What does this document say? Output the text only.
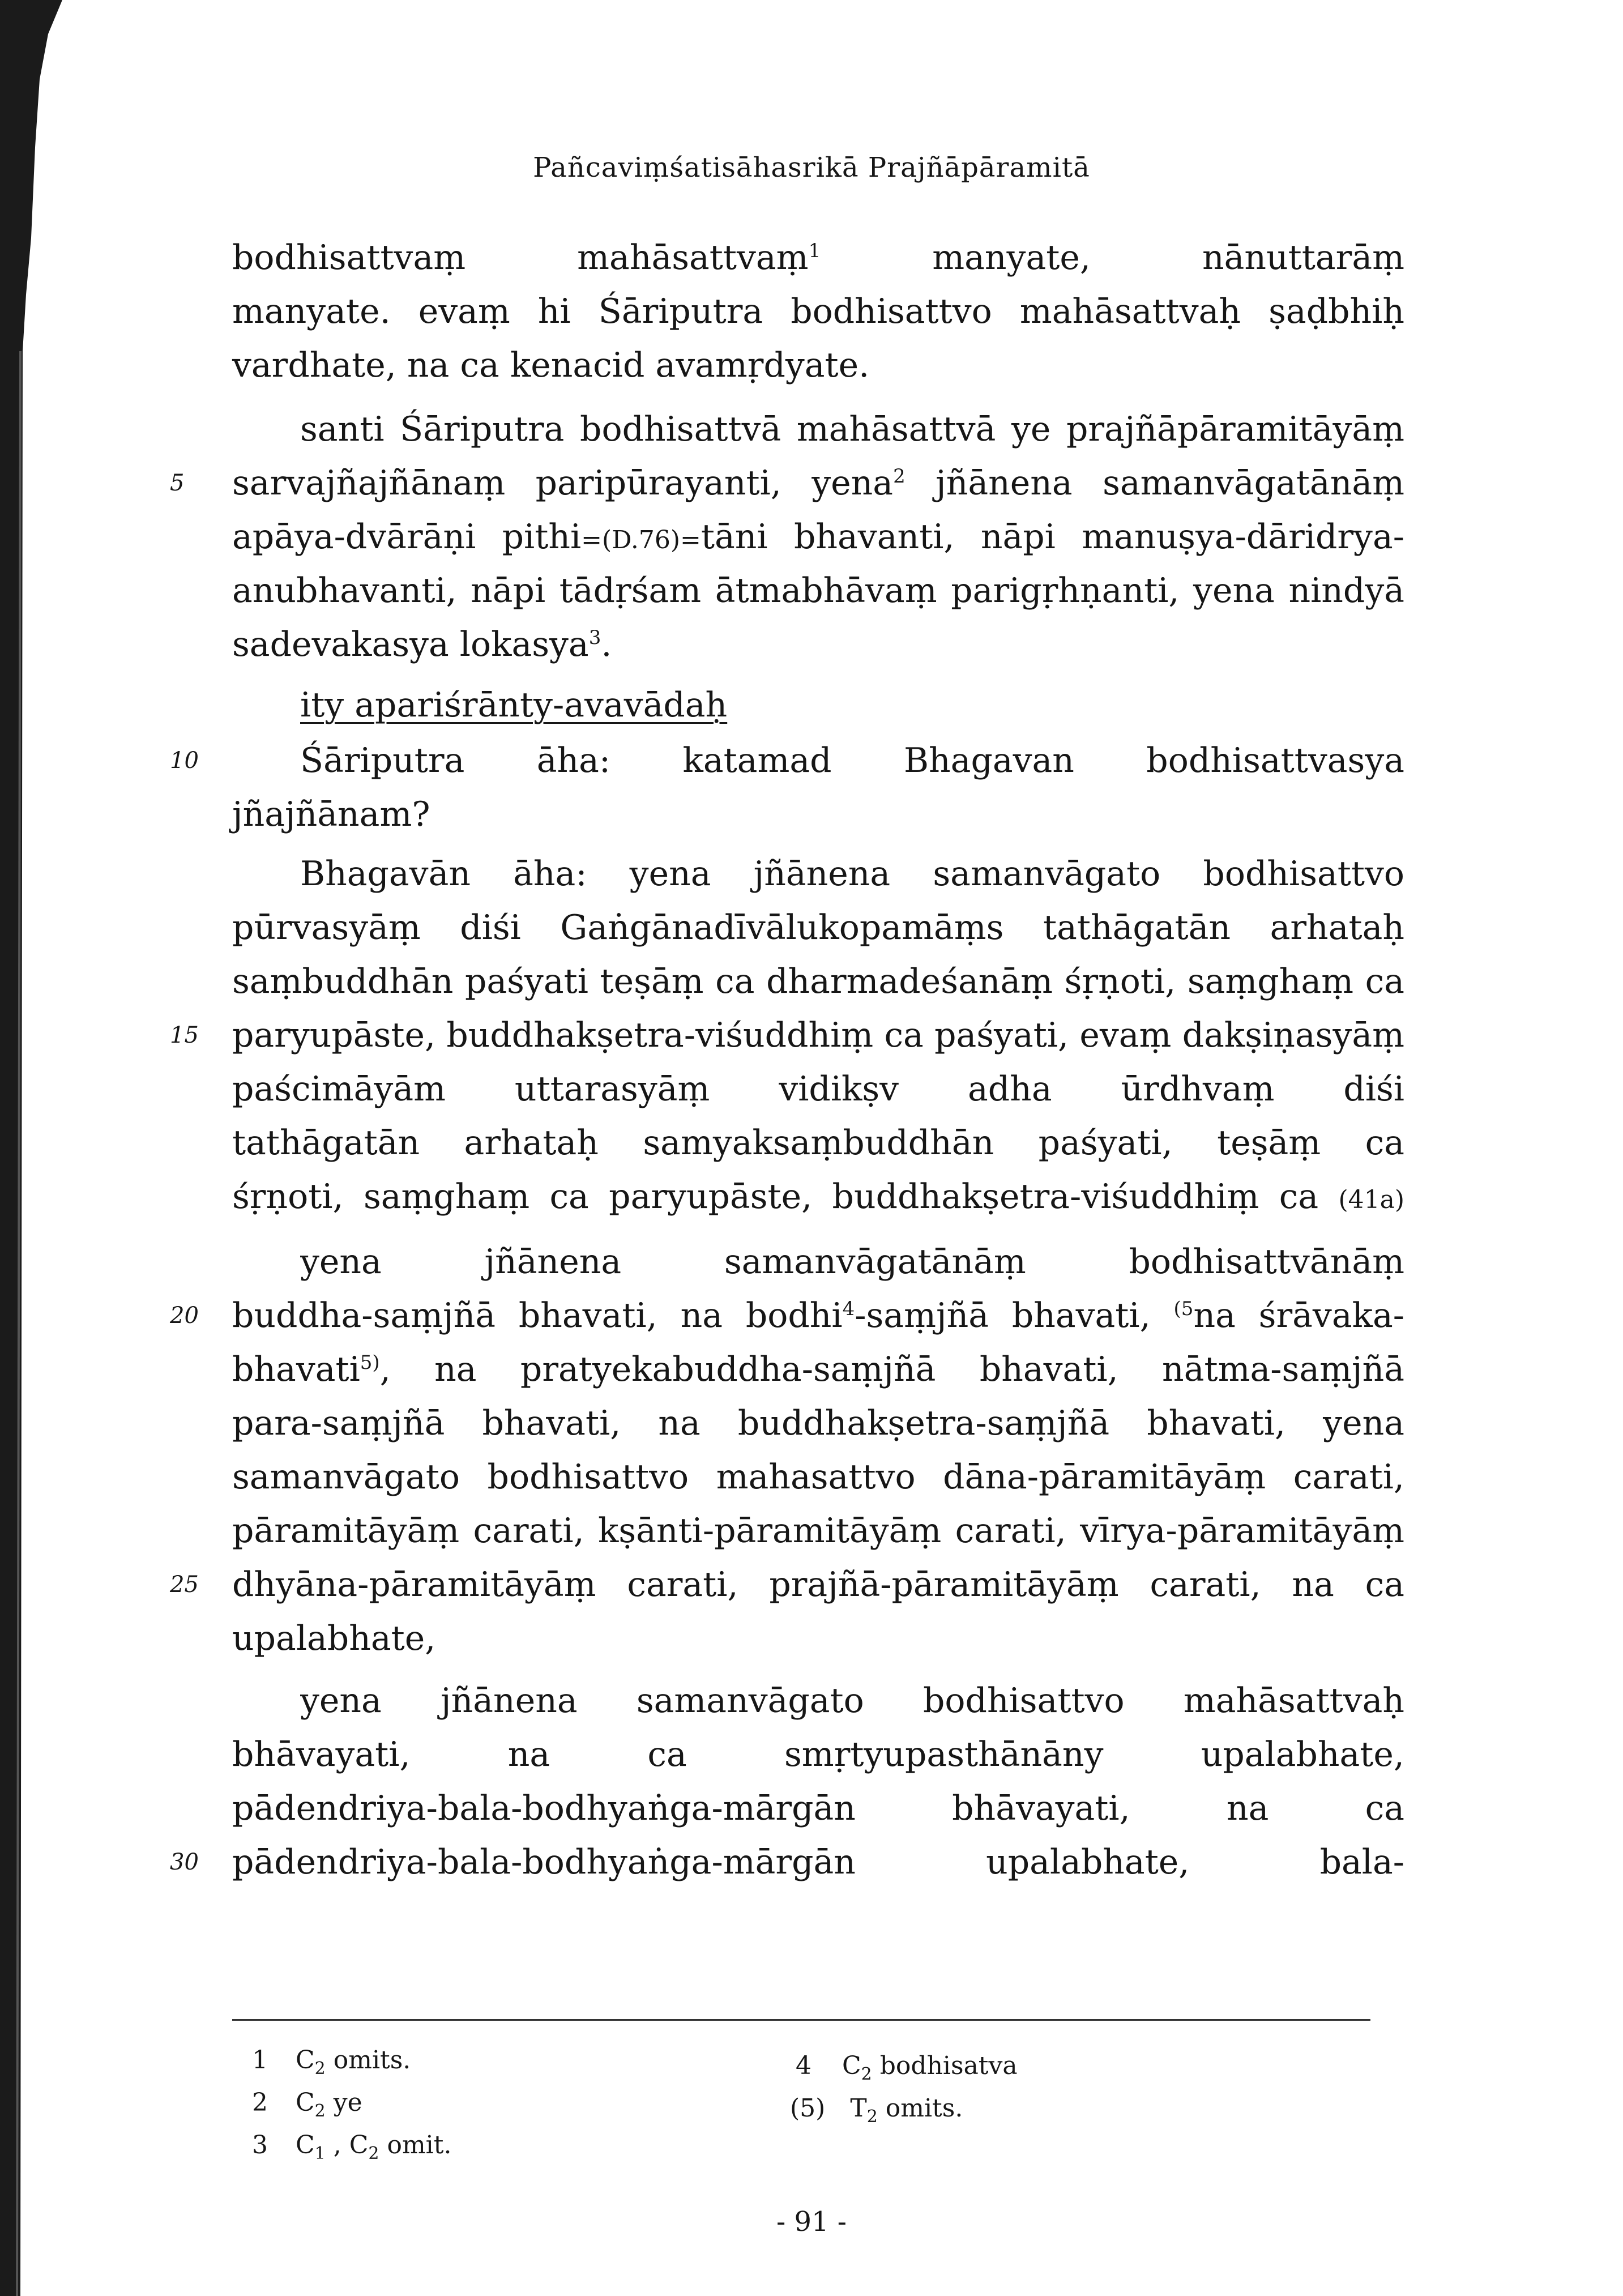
Pañcaviṃśatisāhasrikā Prajñāpāramitā
bodhisattvaṃ mahāsattvaṃ$^1$	manyate, nānuttarāṃ
manyate. evaṃ hi Śāriputra bodhisattvo mahāsattvaḥ ṣaḍbhiḥ
vardhate, na ca kenacid avamṛdyate.
santi Śāriputra bodhisattvā mahāsattvā ye prajñāpāramitāyāṃ
sarvajñajñānaṃ paripūrayanti, yena$^2$ jñānena samanvāgatānāṃ
5
apāya-dvārāṇi pithi=(D.76)=tāni bhavanti, nāpi manuṣya-dāridrya-
anubhavanti, nāpi tādṛśam ātmabhāvaṃ parigṛhṇanti, yena nindyā
sadevakasya lokasya$^3$.
ity apariśrānty-avavādaḥ
Śāriputra āha: katamad Bhagavan bodhisattvasya
10
jñajñānam?
Bhagavān āha: yena jñānena samanvāgato bodhisattvo
pūrvasyāṃ diśi Gaṅgānadīvālukopamāṃs tathāgatān arhataḥ
saṃbuddhān paśyati teṣāṃ ca dharmadeśanāṃ śṛṇoti, saṃghaṃ ca
paryupāste, buddhakṣetra-viśuddhiṃ ca paśyati, evaṃ dakṣiṇasyāṃ
15
paścimāyām uttarasyāṃ vidikṣv adha ūrdhvaṃ diśi
tathāgatān arhataḥ samyaksaṃbuddhān paśyati, teṣāṃ ca
śṛṇoti, saṃghaṃ ca paryupāste, buddhakṣetra-viśuddhiṃ ca (41a)
yena jñānena samanvāgatānāṃ bodhisattvānāṃ
buddha-saṃjñā bhavati, na bodhi$^4$-saṃjñā bhavati, $^{(5}$na śrāvaka-
20
bhavati$^{5)}$, na pratyekabuddha-saṃjñā bhavati, nātma-saṃjñā
para-saṃjñā bhavati, na buddhakṣetra-saṃjñā bhavati, yena
samanvāgato bodhisattvo mahasattvo dāna-pāramitāyāṃ carati,
pāramitāyāṃ carati, kṣānti-pāramitāyāṃ carati, vīrya-pāramitāyāṃ
dhyāna-pāramitāyāṃ carati, prajñā-pāramitāyāṃ carati, na ca
25
upalabhate,
yena jñānena samanvāgato bodhisattvo mahāsattvaḥ
bhāvayati, na ca smṛtyupasthānāny upalabhate,
pādendriya-bala-bodhyaṅga-mārgān bhāvayati, na ca
pādendriya-bala-bodhyaṅga-mārgān upalabhate, bala-
30
1 $C_2$ omits.
2 $C_2$ ye
3 $C_1$ , $C_2$ omit.
4 $C_2$ bodhisatva
(5) $T_2$ omits.
- 91 -
